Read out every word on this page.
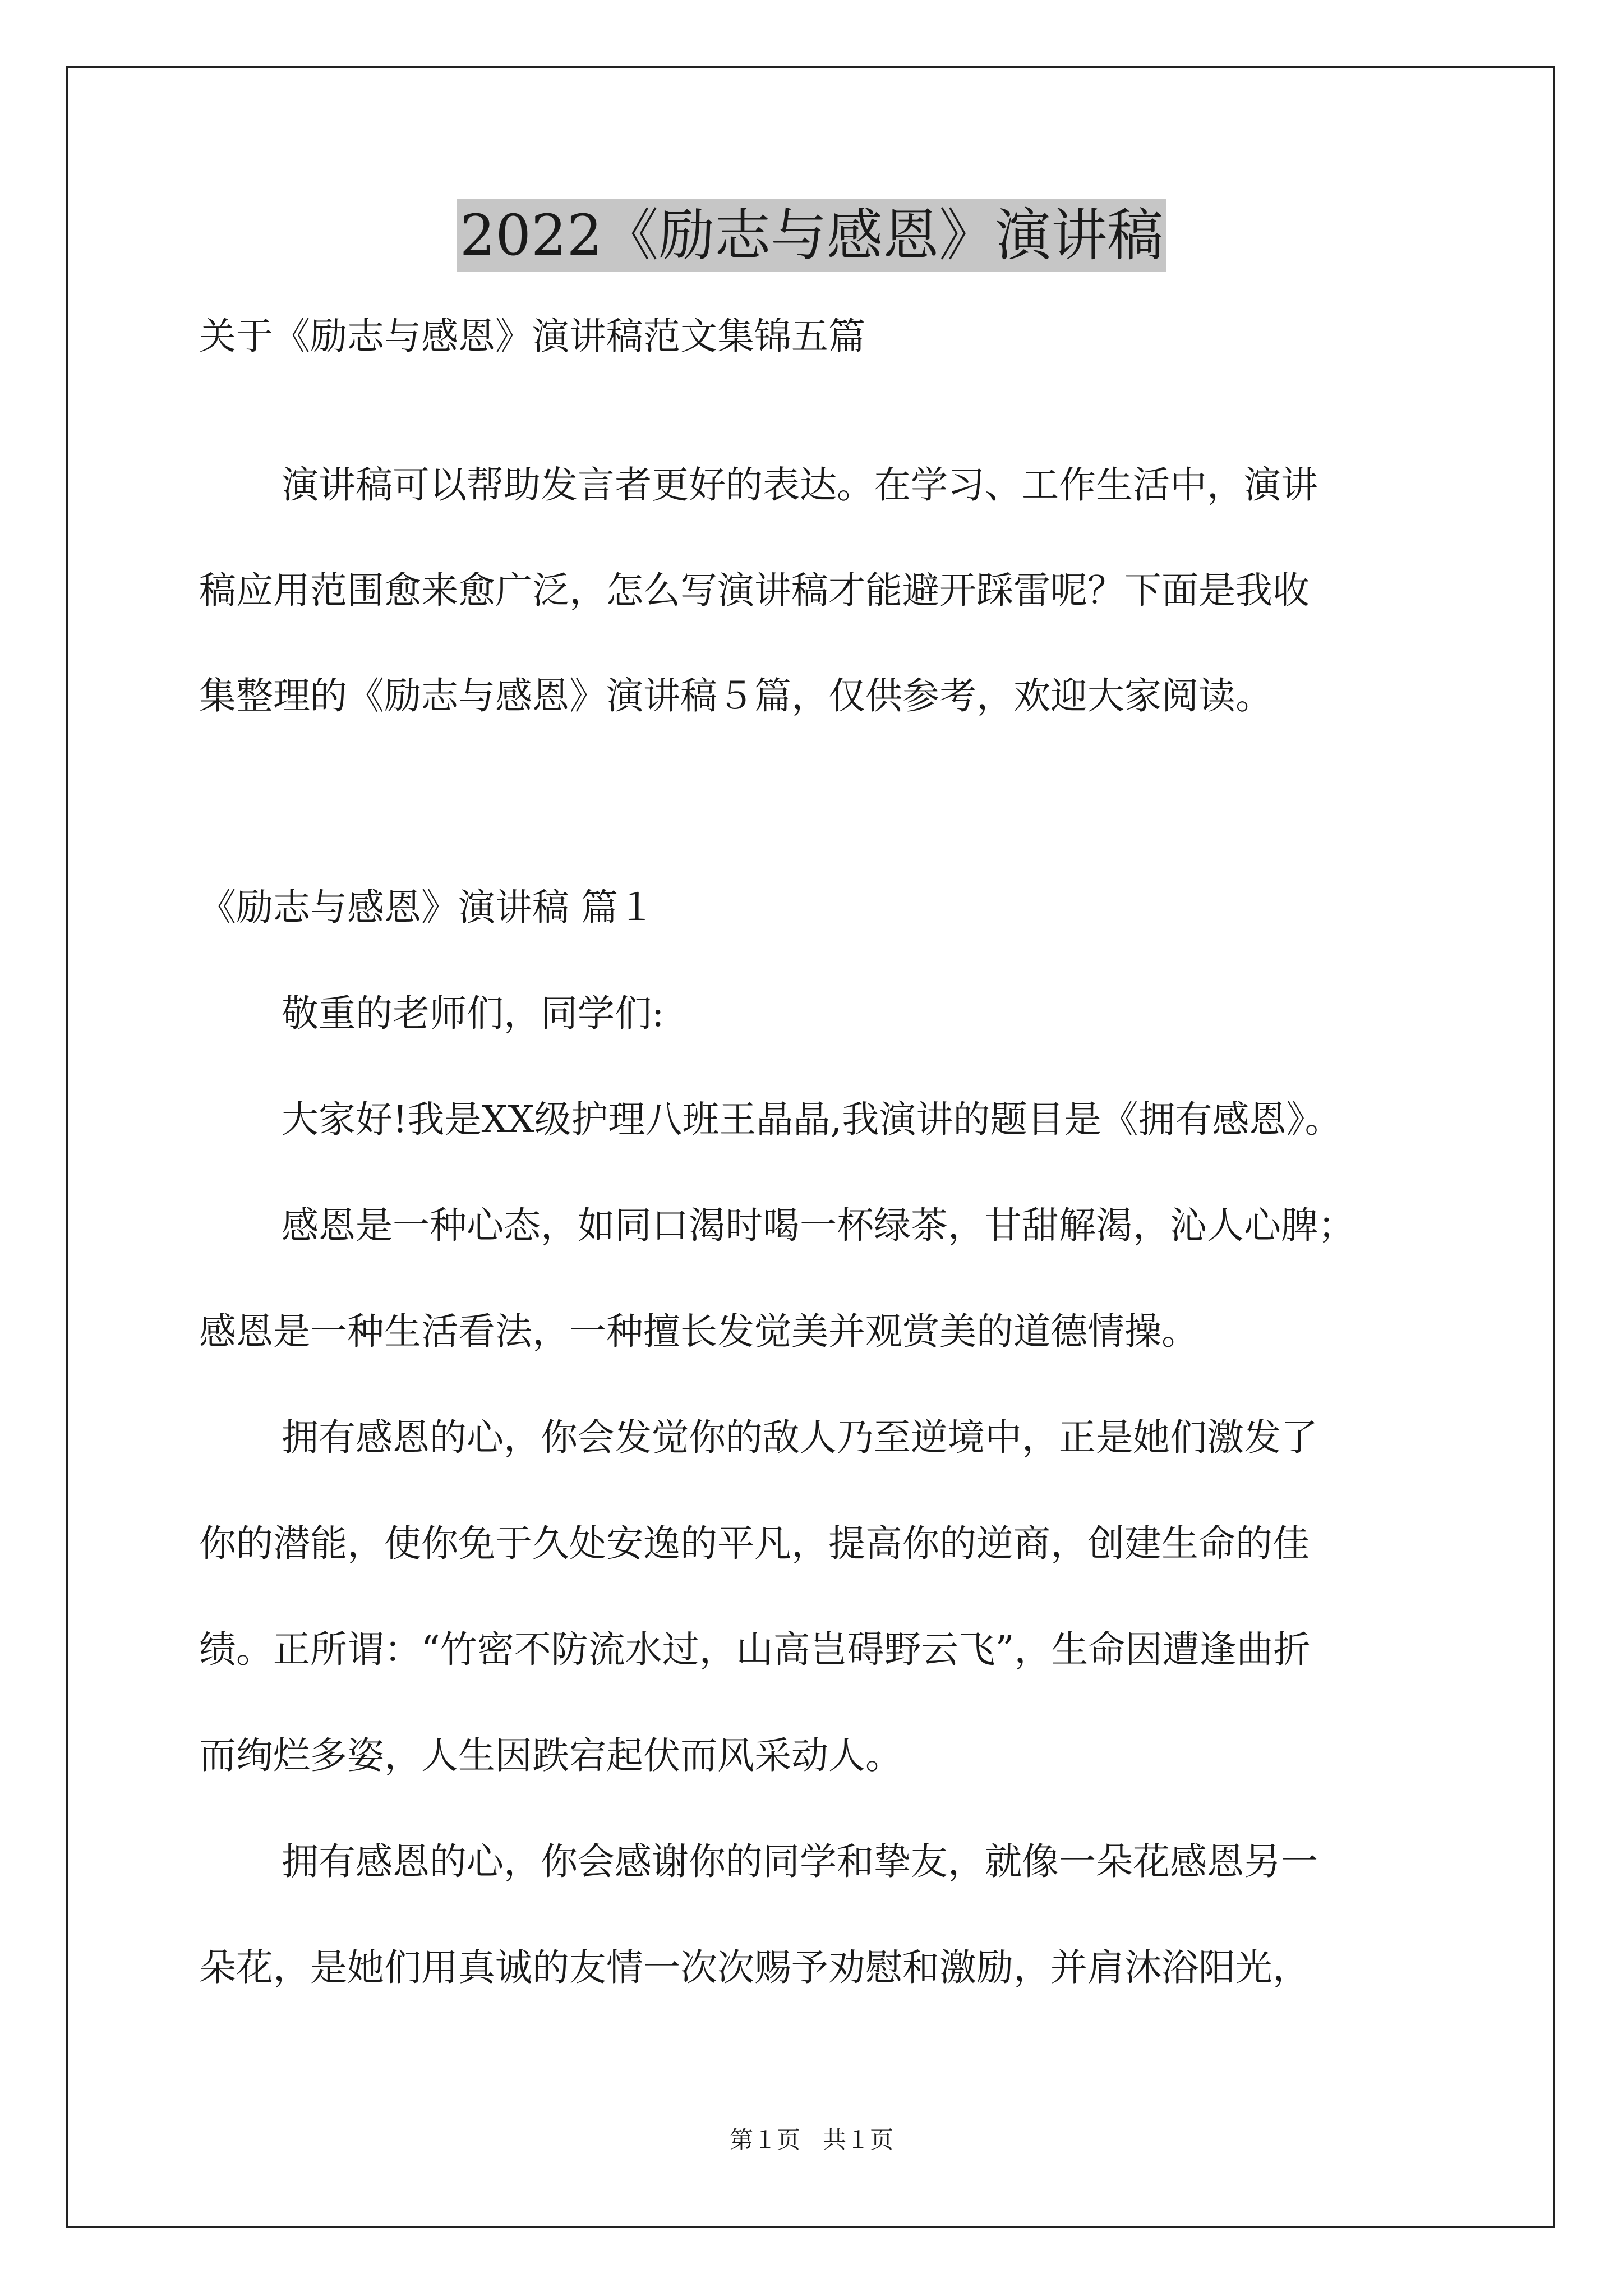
2022《励志与感恩》演讲稿
关于《励志与感恩》演讲稿范文集锦五篇
演讲稿可以帮助发言者更好的表达。在学习、工作生活中，演讲
稿应用范围愈来愈广泛，怎么写演讲稿才能避开踩雷呢？下面是我收
集整理的《励志与感恩》演讲稿５篇，仅供参考，欢迎大家阅读。
《励志与感恩》演讲稿 篇１
敬重的老师们，同学们:
大家好!我是XX级护理八班王晶晶,我演讲的题目是《拥有感恩》。
感恩是一种心态，如同口渴时喝一杯绿茶，甘甜解渴，沁人心脾；
感恩是一种生活看法，一种擅长发觉美并观赏美的道德情操。
拥有感恩的心，你会发觉你的敌人乃至逆境中，正是她们激发了
你的潜能，使你免于久处安逸的平凡，提高你的逆商，创建生命的佳
绩。正所谓：“竹密不防流水过，山高岂碍野云飞”，生命因遭逢曲折
而绚烂多姿，人生因跌宕起伏而风采动人。
拥有感恩的心，你会感谢你的同学和挚友，就像一朵花感恩另一
朵花，是她们用真诚的友情一次次赐予劝慰和激励，并肩沐浴阳光，
第１页   共１页
